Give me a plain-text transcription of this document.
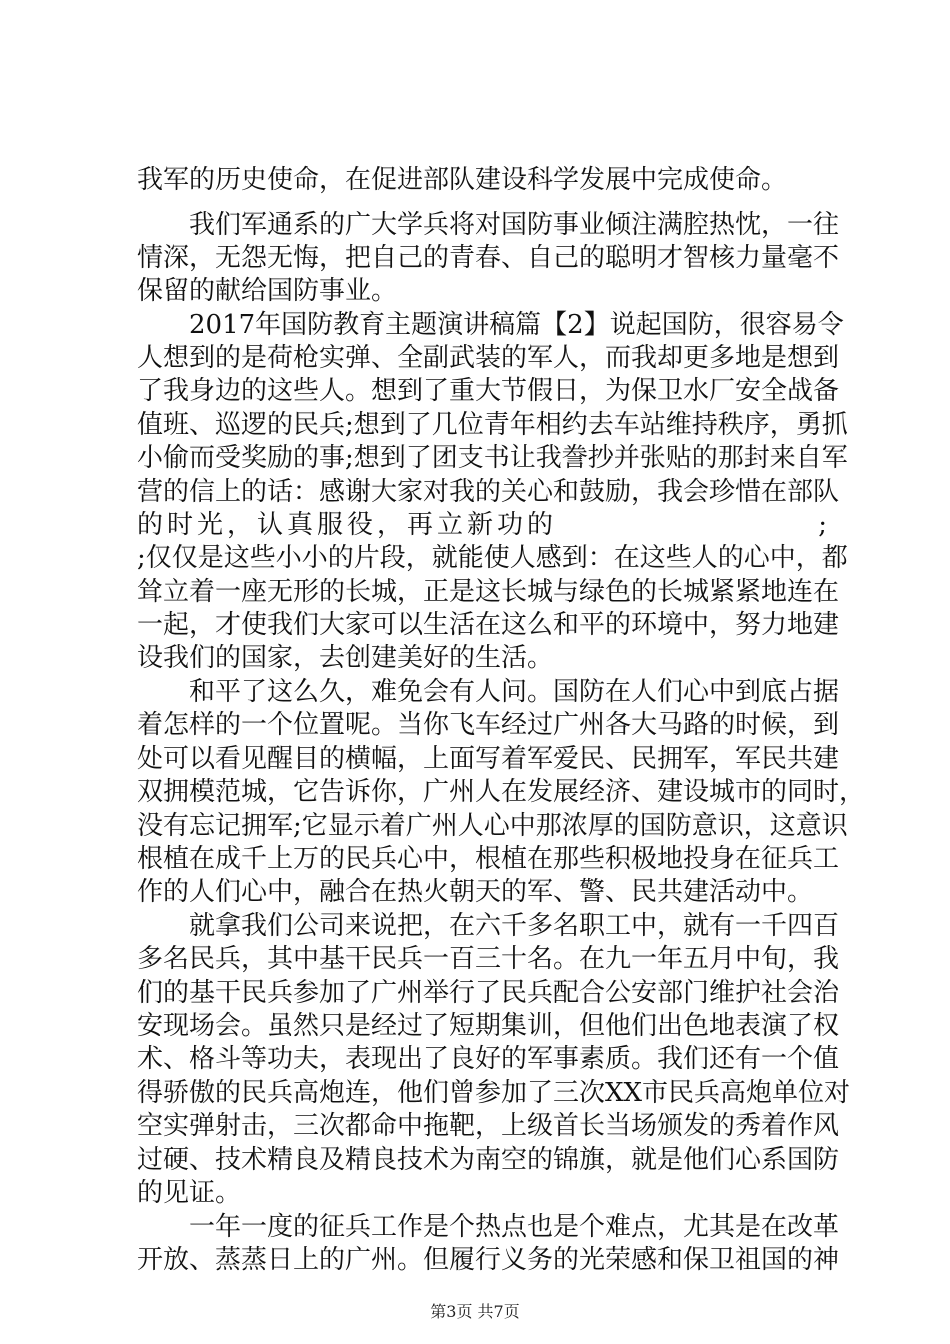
我军的历史使命，在促进部队建设科学发展中完成使命。
　　我们军通系的广大学兵将对国防事业倾注满腔热忱，一往
情深，无怨无悔，把自己的青春、自己的聪明才智核力量毫不
保留的献给国防事业。
　　2017年国防教育主题演讲稿篇【2】说起国防，很容易令
人想到的是荷枪实弹、全副武装的军人，而我却更多地是想到
了我身边的这些人。想到了重大节假日，为保卫水厂安全战备
值班、巡逻的民兵;想到了几位青年相约去车站维持秩序，勇抓
小偷而受奖励的事;想到了团支书让我誊抄并张贴的那封来自军
营的信上的话：感谢大家对我的关心和鼓励，我会珍惜在部队
的时光，认真服役，再立新功的	;
;仅仅是这些小小的片段，就能使人感到：在这些人的心中，都
耸立着一座无形的长城，正是这长城与绿色的长城紧紧地连在
一起，才使我们大家可以生活在这么和平的环境中，努力地建
设我们的国家，去创建美好的生活。
　　和平了这么久，难免会有人问。国防在人们心中到底占据
着怎样的一个位置呢。当你飞车经过广州各大马路的时候，到
处可以看见醒目的横幅，上面写着军爱民、民拥军，军民共建
双拥模范城，它告诉你，广州人在发展经济、建设城市的同时，
没有忘记拥军;它显示着广州人心中那浓厚的国防意识，这意识
根植在成千上万的民兵心中，根植在那些积极地投身在征兵工
作的人们心中，融合在热火朝天的军、警、民共建活动中。
　　就拿我们公司来说把，在六千多名职工中，就有一千四百
多名民兵，其中基干民兵一百三十名。在九一年五月中旬，我
们的基干民兵参加了广州举行了民兵配合公安部门维护社会治
安现场会。虽然只是经过了短期集训，但他们出色地表演了权
术、格斗等功夫，表现出了良好的军事素质。我们还有一个值
得骄傲的民兵高炮连，他们曾参加了三次XX市民兵高炮单位对
空实弹射击，三次都命中拖靶，上级首长当场颁发的秀着作风
过硬、技术精良及精良技术为南空的锦旗，就是他们心系国防
的见证。
　　一年一度的征兵工作是个热点也是个难点，尤其是在改革
开放、蒸蒸日上的广州。但履行义务的光荣感和保卫祖国的神
第3页 共7页
